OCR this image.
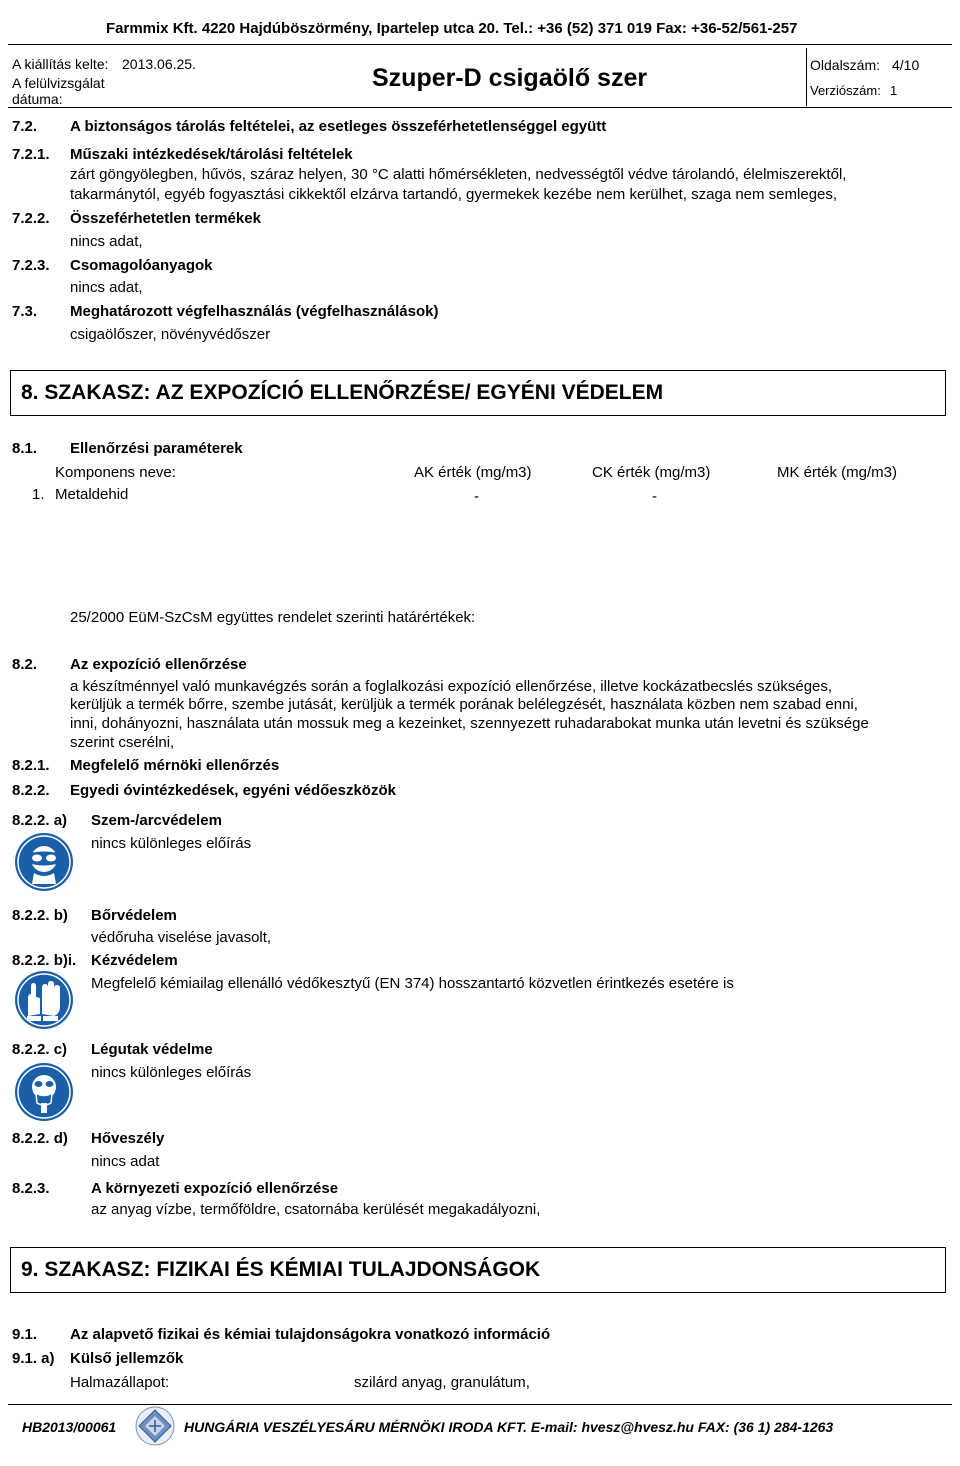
Farmmix Kft. 4220 Hajdúböszörmény, Ipartelep utca 20. Tel.: +36 (52) 371 019 Fax: +36-52/561-257
A kiállítás kelte: 2013.06.25.
A felülvizsgálat
dátuma:
Szuper-D csigaölő szer	Oldalszám: 4/10
Verziószám: 1
7.2. A biztonságos tárolás feltételei, az esetleges összeférhetetlenséggel együtt
7.2.1. Műszaki intézkedések/tárolási feltételek
zárt göngyölegben, hűvös, száraz helyen, 30 °C alatti hőmérsékleten, nedvességtől védve tárolandó, élelmiszerektől,
takarmánytól, egyéb fogyasztási cikkektől elzárva tartandó, gyermekek kezébe nem kerülhet, szaga nem semleges,
7.2.2. Összeférhetetlen termékek
nincs adat,
7.2.3. Csomagolóanyagok
nincs adat,
7.3. Meghatározott végfelhasználás (végfelhasználások)
csigaölőszer, növényvédőszer
8. SZAKASZ: AZ EXPOZÍCIÓ ELLENŐRZÉSE/ EGYÉNI VÉDELEM
8.1. Ellenőrzési paraméterek
Komponens neve:	AK érték (mg/m3)	CK érték (mg/m3)	MK érték (mg/m3)
1. Metaldehid	-	-
25/2000 EüM-SzCsM együttes rendelet szerinti határértékek:
8.2. Az expozíció ellenőrzése
a készítménnyel való munkavégzés során a foglalkozási expozíció ellenőrzése, illetve kockázatbecslés szükséges,
kerüljük a termék bőrre, szembe jutását, kerüljük a termék porának belélegzését, használata közben nem szabad enni,
inni, dohányozni, használata után mossuk meg a kezeinket, szennyezett ruhadarabokat munka után levetni és szüksége
szerint cserélni,
8.2.1. Megfelelő mérnöki ellenőrzés
8.2.2. Egyedi óvintézkedések, egyéni védőeszközök
8.2.2. a) Szem-/arcvédelem
nincs különleges előírás
8.2.2. b) Bőrvédelem
védőruha viselése javasolt,
8.2.2. b)i. Kézvédelem
Megfelelő kémiailag ellenálló védőkesztyű (EN 374) hosszantartó közvetlen érintkezés esetére is
8.2.2. c) Légutak védelme
nincs különleges előírás
8.2.2. d) Hőveszély
nincs adat
8.2.3.	A környezeti expozíció ellenőrzése
az anyag vízbe, termőföldre, csatornába kerülését megakadályozni,
9. SZAKASZ: FIZIKAI ÉS KÉMIAI TULAJDONSÁGOK
9.1. Az alapvető fizikai és kémiai tulajdonságokra vonatkozó információ
9.1. a) Külső jellemzők
Halmazállapot:	szilárd anyag, granulátum,
HB2013/00061	HUNGÁRIA VESZÉLYESÁRU MÉRNÖKI IRODA KFT. E-mail: hvesz@hvesz.hu FAX: (36 1) 284-1263
